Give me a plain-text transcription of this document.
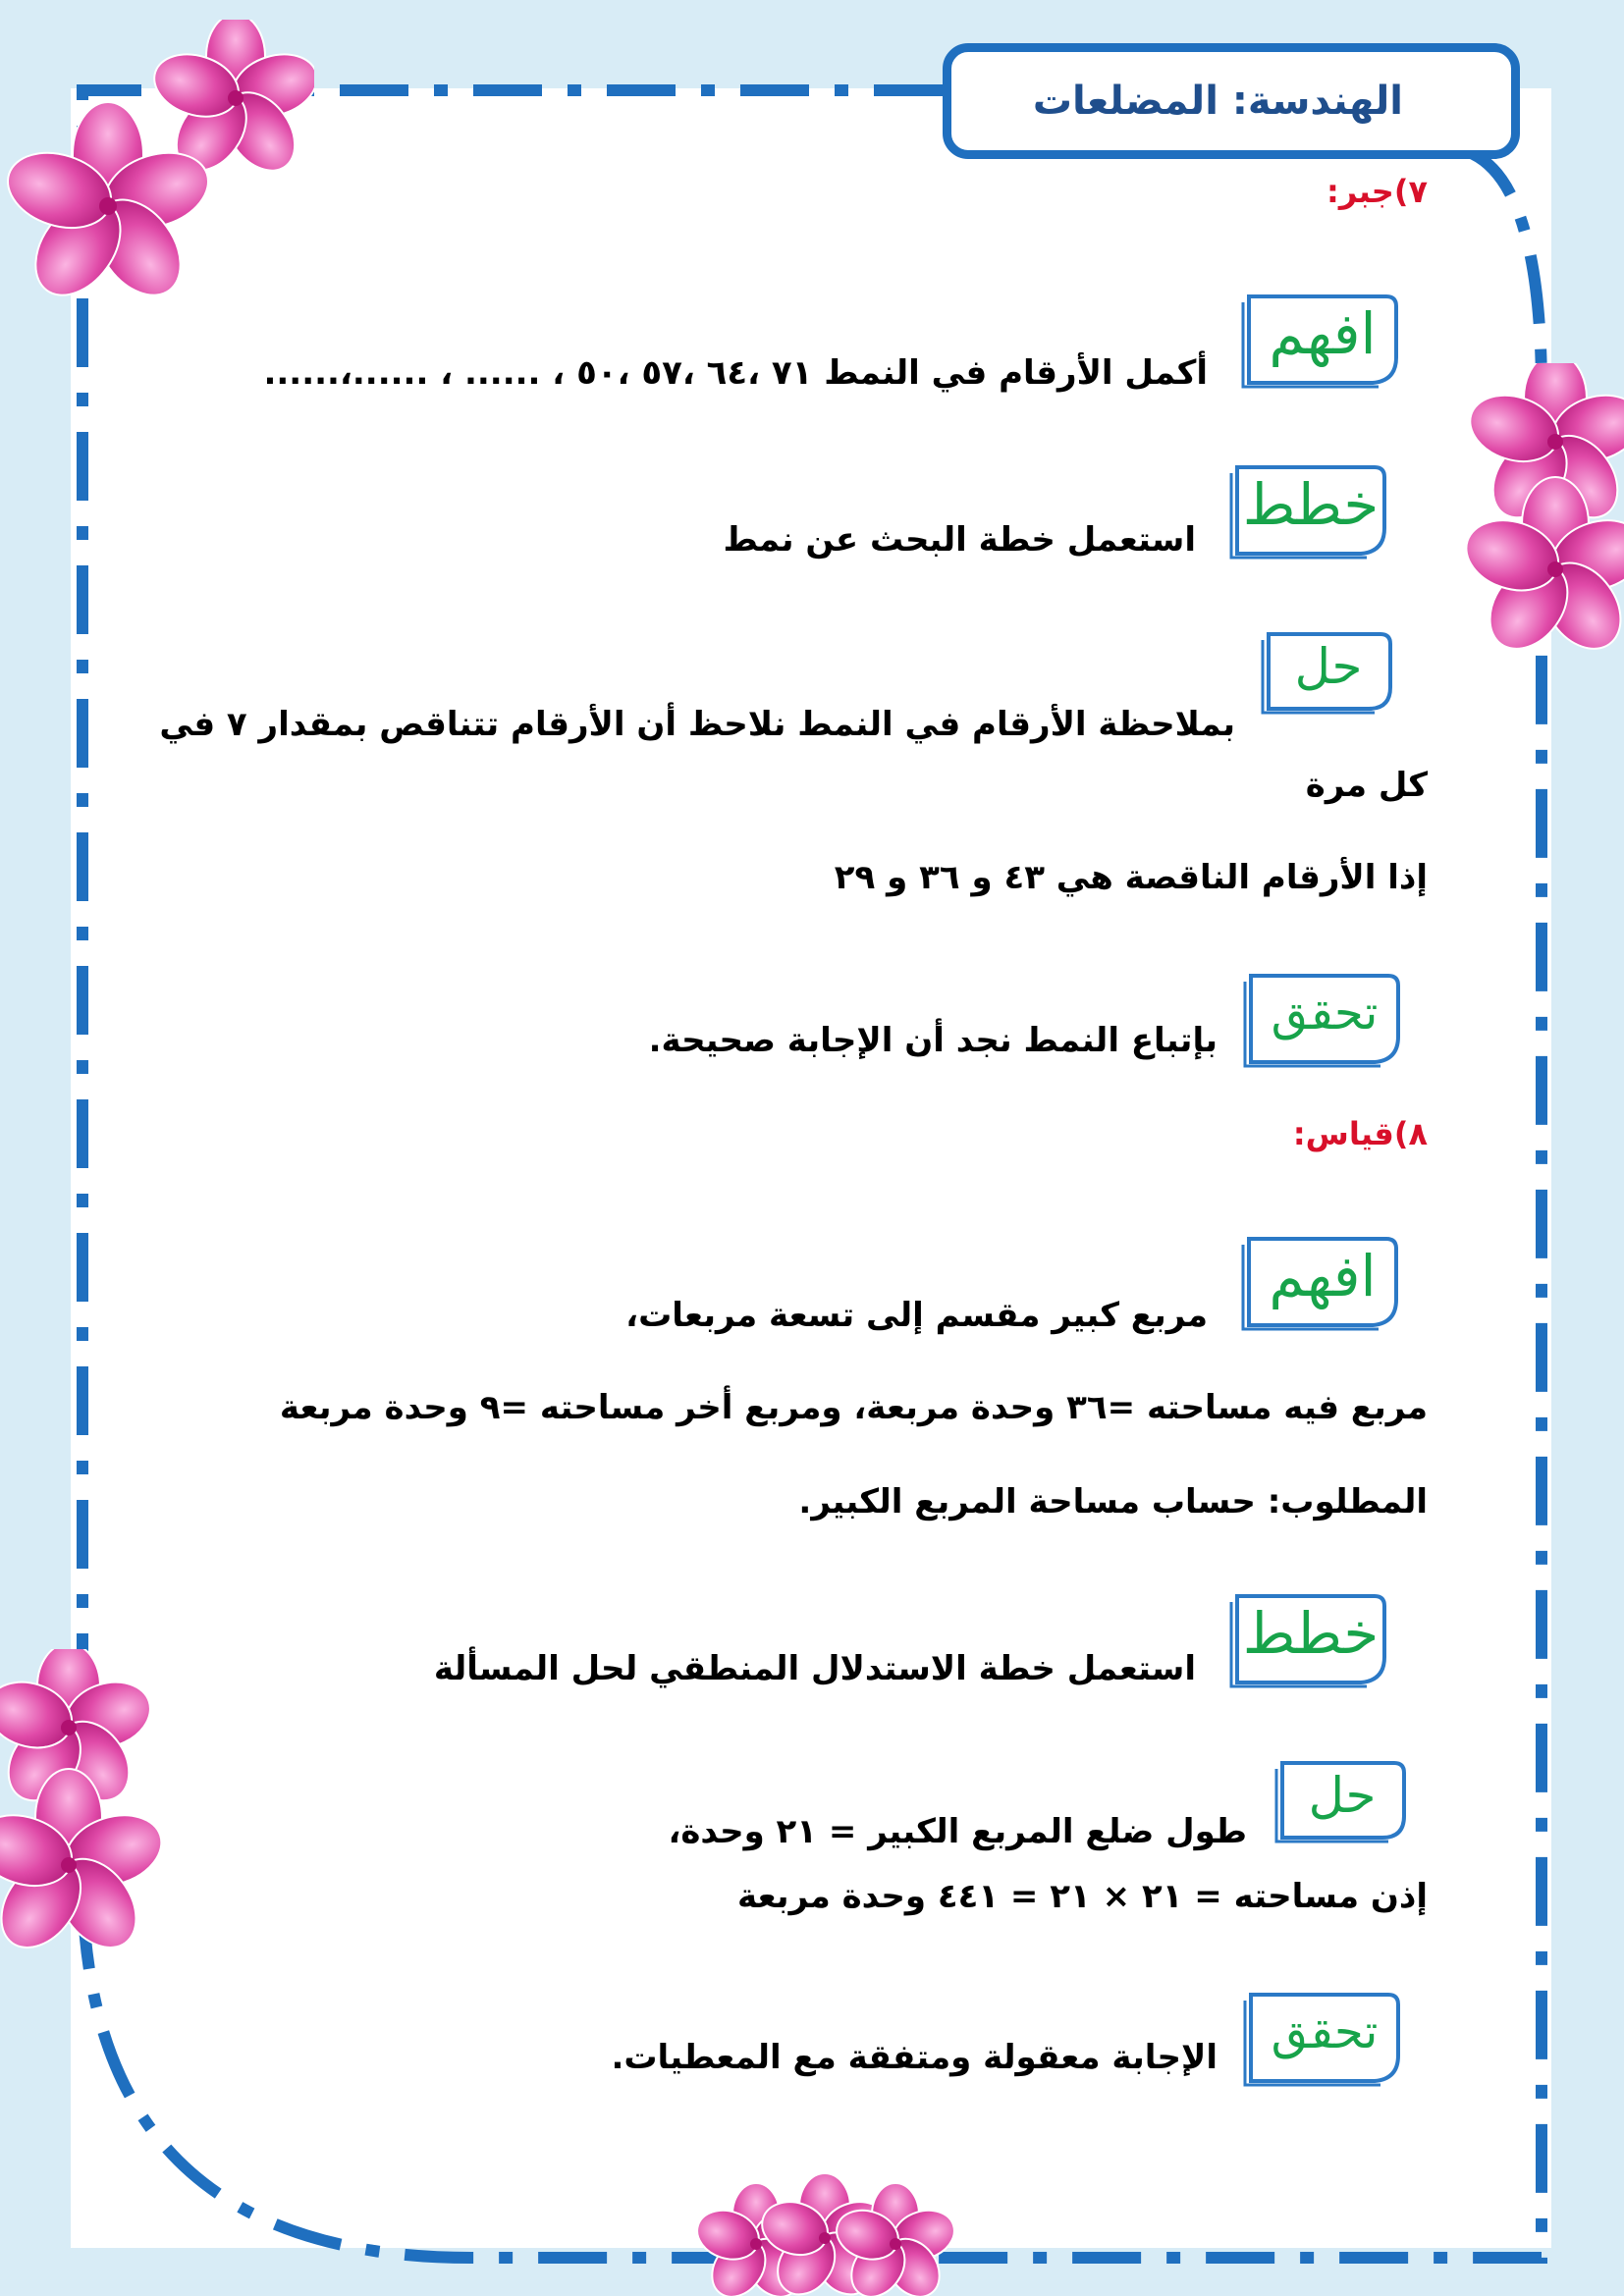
الهندسة: المضلعات
٧)جبر:
افهم
أكمل الأرقام في النمط ٧١ ،٦٤ ،٥٧ ،٥٠ ، ...... ، ......،......
خطط
استعمل خطة البحث عن نمط
حل
بملاحظة الأرقام في النمط نلاحظ أن الأرقام تتناقص بمقدار ٧ في
كل مرة
إذا الأرقام الناقصة هي ٤٣ و ٣٦ و ٢٩
تحقق
بإتباع النمط نجد أن الإجابة صحيحة.
٨)قياس:
افهم
مربع كبير مقسم إلى تسعة مربعات،
مربع فيه مساحته =٣٦ وحدة مربعة، ومربع أخر مساحته =٩ وحدة مربعة
المطلوب: حساب مساحة المربع الكبير.
خطط
استعمل خطة الاستدلال المنطقي لحل المسألة
حل
طول ضلع المربع الكبير = ٢١ وحدة،
إذن مساحته = ٢١ × ٢١ = ٤٤١ وحدة مربعة
تحقق
الإجابة معقولة ومتفقة مع المعطيات.
